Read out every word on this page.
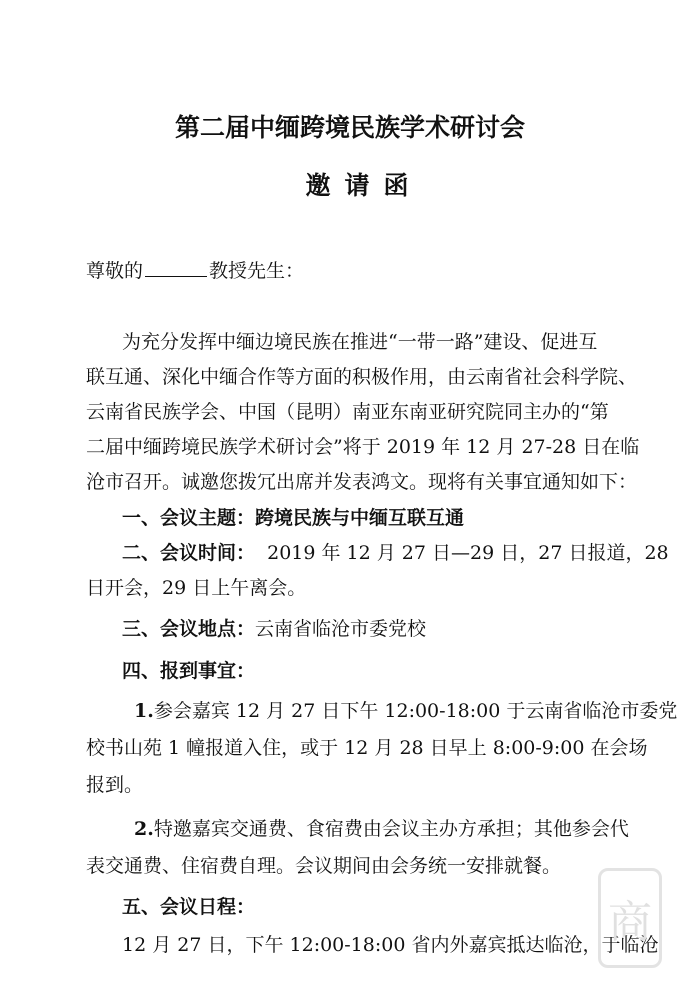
第二届中缅跨境民族学术研讨会
邀请函
尊敬的	教授先生：
为充分发挥中缅边境民族在推进“一带一路”建设、促进互
联互通、深化中缅合作等方面的积极作用，由云南省社会科学院、
云南省民族学会、中国（昆明）南亚东南亚研究院同主办的“第
二届中缅跨境民族学术研讨会”将于 2019 年 12 月 27-28 日在临
沧市召开。诚邀您拨冗出席并发表鸿文。现将有关事宜通知如下：
一、会议主题：跨境民族与中缅互联互通
二、会议时间： 2019 年 12 月 27 日—29 日，27 日报道，28
日开会，29 日上午离会。
三、会议地点：云南省临沧市委党校
四、报到事宜：
1.参会嘉宾 12 月 27 日下午 12:00-18:00 于云南省临沧市委党
校书山苑 1 幢报道入住，或于 12 月 28 日早上 8:00-9:00 在会场
报到。
2.特邀嘉宾交通费、食宿费由会议主办方承担；其他参会代
表交通费、住宿费自理。会议期间由会务统一安排就餐。
五、会议日程：
12 月 27 日，下午 12:00-18:00 省内外嘉宾抵达临沧，于临沧
商
